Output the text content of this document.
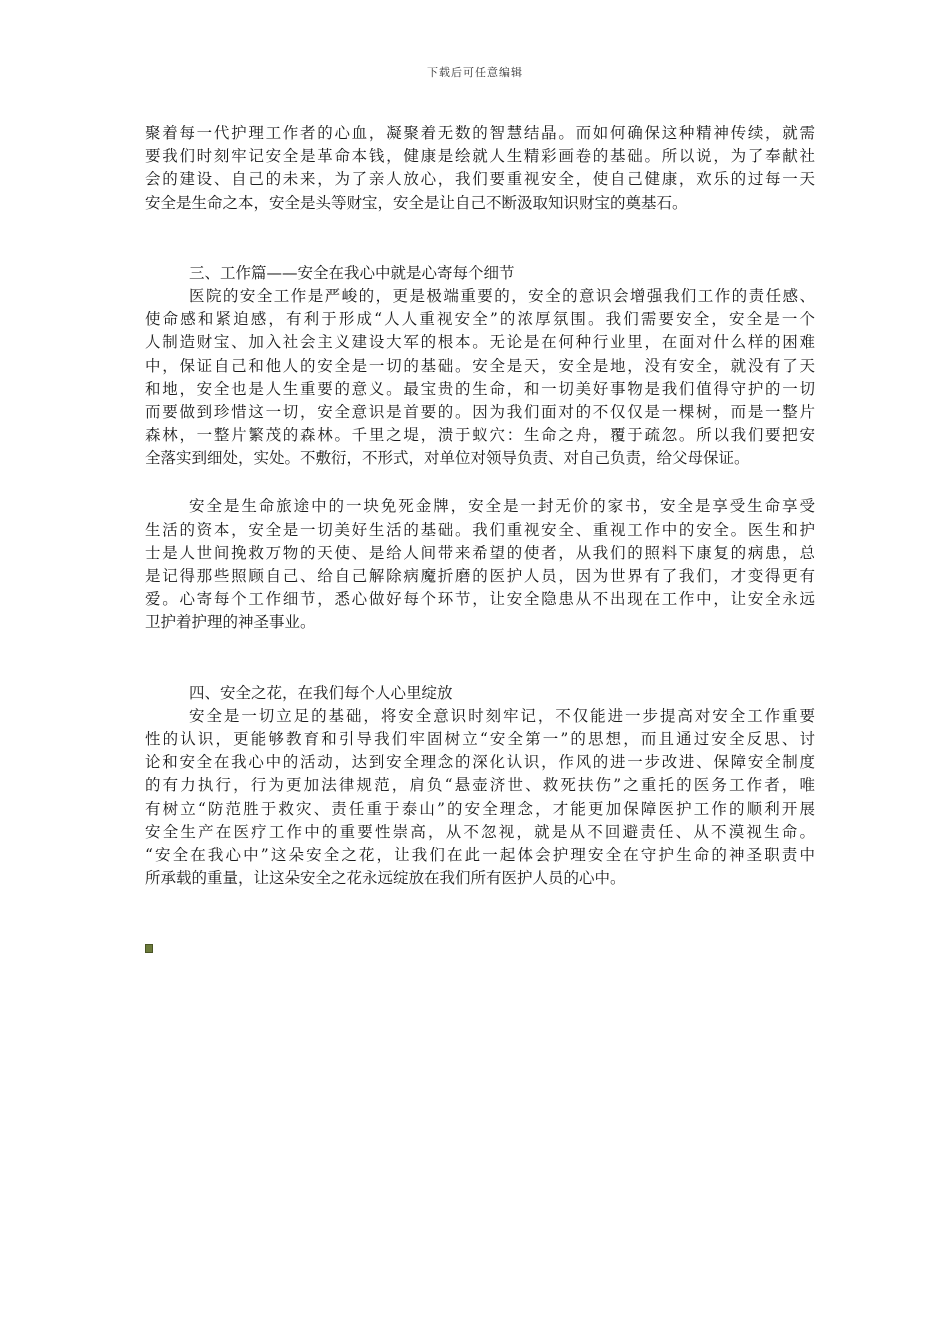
下载后可任意编辑
聚着每一代护理工作者的心血，凝聚着无数的智慧结晶。而如何确保这种精神传续，就需
要我们时刻牢记安全是革命本钱，健康是绘就人生精彩画卷的基础。所以说，为了奉献社
会的建设、自己的未来，为了亲人放心，我们要重视安全，使自己健康，欢乐的过每一天
安全是生命之本，安全是头等财宝，安全是让自己不断汲取知识财宝的奠基石。
三、工作篇——安全在我心中就是心寄每个细节
医院的安全工作是严峻的，更是极端重要的，安全的意识会增强我们工作的责任感、
使命感和紧迫感，有利于形成“人人重视安全”的浓厚氛围。我们需要安全，安全是一个
人制造财宝、加入社会主义建设大军的根本。无论是在何种行业里，在面对什么样的困难
中，保证自己和他人的安全是一切的基础。安全是天，安全是地，没有安全，就没有了天
和地，安全也是人生重要的意义。最宝贵的生命，和一切美好事物是我们值得守护的一切
而要做到珍惜这一切，安全意识是首要的。因为我们面对的不仅仅是一棵树，而是一整片
森林，一整片繁茂的森林。千里之堤，溃于蚁穴：生命之舟，覆于疏忽。所以我们要把安
全落实到细处，实处。不敷衍，不形式，对单位对领导负责、对自己负责，给父母保证。
安全是生命旅途中的一块免死金牌，安全是一封无价的家书，安全是享受生命享受
生活的资本，安全是一切美好生活的基础。我们重视安全、重视工作中的安全。医生和护
士是人世间挽救万物的天使、是给人间带来希望的使者，从我们的照料下康复的病患，总
是记得那些照顾自己、给自己解除病魔折磨的医护人员，因为世界有了我们，才变得更有
爱。心寄每个工作细节，悉心做好每个环节，让安全隐患从不出现在工作中，让安全永远
卫护着护理的神圣事业。
四、安全之花，在我们每个人心里绽放
安全是一切立足的基础，将安全意识时刻牢记，不仅能进一步提高对安全工作重要
性的认识，更能够教育和引导我们牢固树立“安全第一”的思想，而且通过安全反思、讨
论和安全在我心中的活动，达到安全理念的深化认识，作风的进一步改进、保障安全制度
的有力执行，行为更加法律规范，肩负“悬壶济世、救死扶伤”之重托的医务工作者，唯
有树立“防范胜于救灾、责任重于泰山”的安全理念，才能更加保障医护工作的顺利开展
安全生产在医疗工作中的重要性崇高，从不忽视，就是从不回避责任、从不漠视生命。
“安全在我心中”这朵安全之花，让我们在此一起体会护理安全在守护生命的神圣职责中
所承载的重量，让这朵安全之花永远绽放在我们所有医护人员的心中。
